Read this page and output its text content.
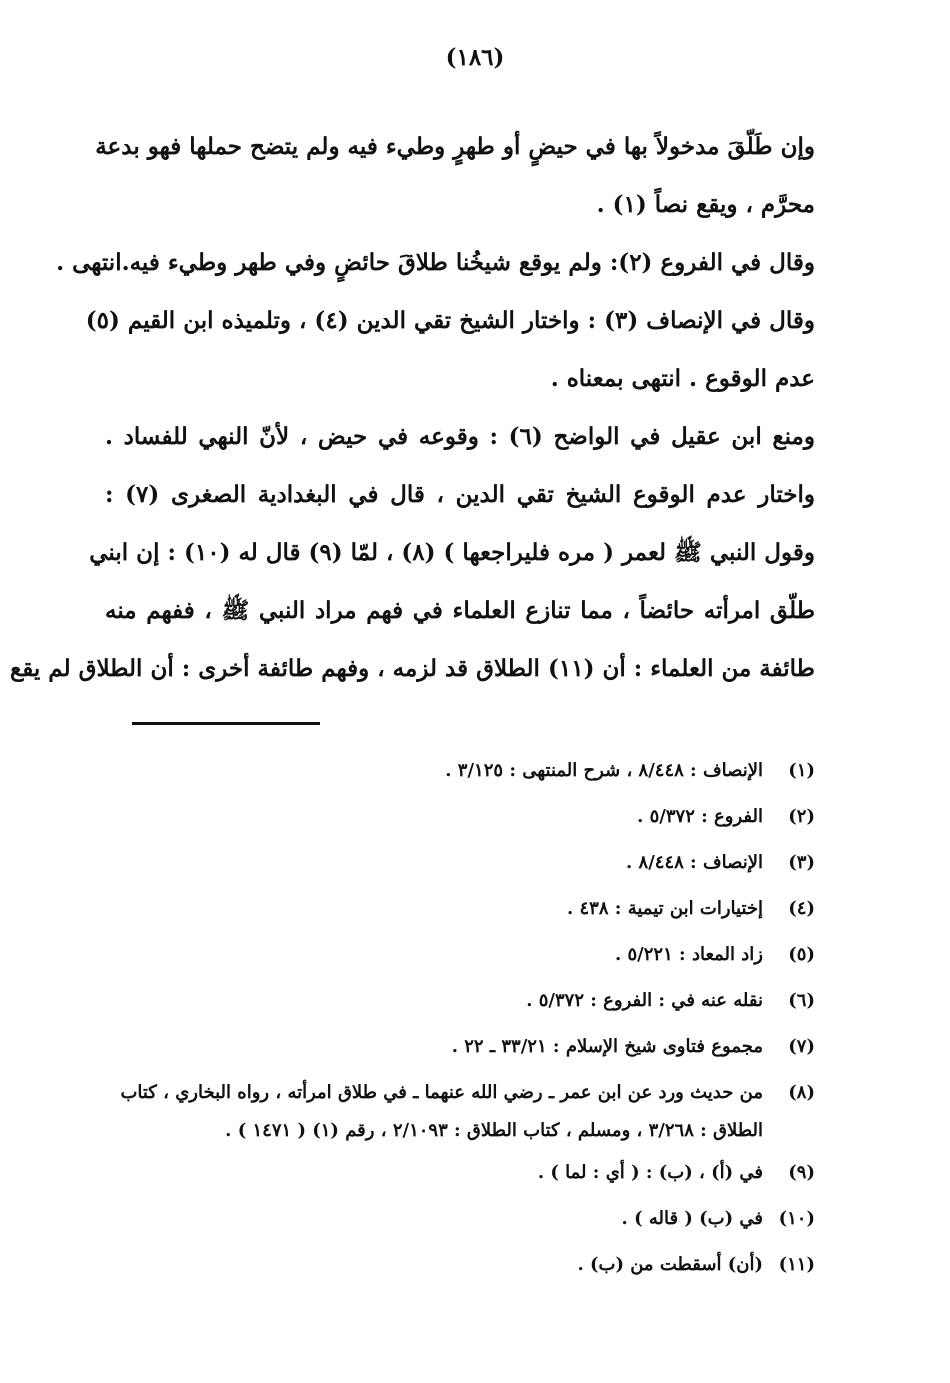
(١٨٦)
وإن طَلّقَ مدخولاً بها في حيضٍ أو طهرٍ وطيء فيه ولم يتضح حملها فهو بدعة
محرَّم ، ويقع نصاً (١) .
وقال في الفروع (٢): ولم يوقع شيخُنا طلاقَ حائضٍ وفي طهر وطيء فيه.انتهى .
وقال في الإنصاف (٣) : واختار الشيخ تقي الدين (٤) ، وتلميذه ابن القيم (٥)
عدم الوقوع . انتهى بمعناه .
ومنع ابن عقيل في الواضح (٦) : وقوعه في حيض ، لأنّ النهي للفساد .
واختار عدم الوقوع الشيخ تقي الدين ، قال في البغدادية الصغرى (٧) :
وقول النبي ﷺ لعمر ( مره فليراجعها ) (٨) ، لمّا (٩) قال له (١٠) : إن ابني
طلّق امرأته حائضاً ، مما تنازع العلماء في فهم مراد النبي ﷺ ، ففهم منه
طائفة من العلماء : أن (١١) الطلاق قد لزمه ، وفهم طائفة أخرى : أن الطلاق لم يقع
(١)
الإنصاف : ٨/٤٤٨ ، شرح المنتهى : ٣/١٢٥ .
(٢)
الفروع : ٥/٣٧٢ .
(٣)
الإنصاف : ٨/٤٤٨ .
(٤)
إختيارات ابن تيمية : ٤٣٨ .
(٥)
زاد المعاد : ٥/٢٢١ .
(٦)
نقله عنه في : الفروع : ٥/٣٧٢ .
(٧)
مجموع فتاوى شيخ الإسلام : ٣٣/٢١ ـ ٢٢ .
(٨)
من حديث ورد عن ابن عمر ـ رضي الله عنهما ـ في طلاق امرأته ، رواه البخاري ، كتاب
الطلاق : ٣/٢٦٨ ، ومسلم ، كتاب الطلاق : ٢/١٠٩٣ ، رقم (١) ( ١٤٧١ ) .
(٩)
في (أ) ، (ب) : ( أي : لما ) .
(١٠)
في (ب) ( قاله ) .
(١١)
(أن) أسقطت من (ب) .
